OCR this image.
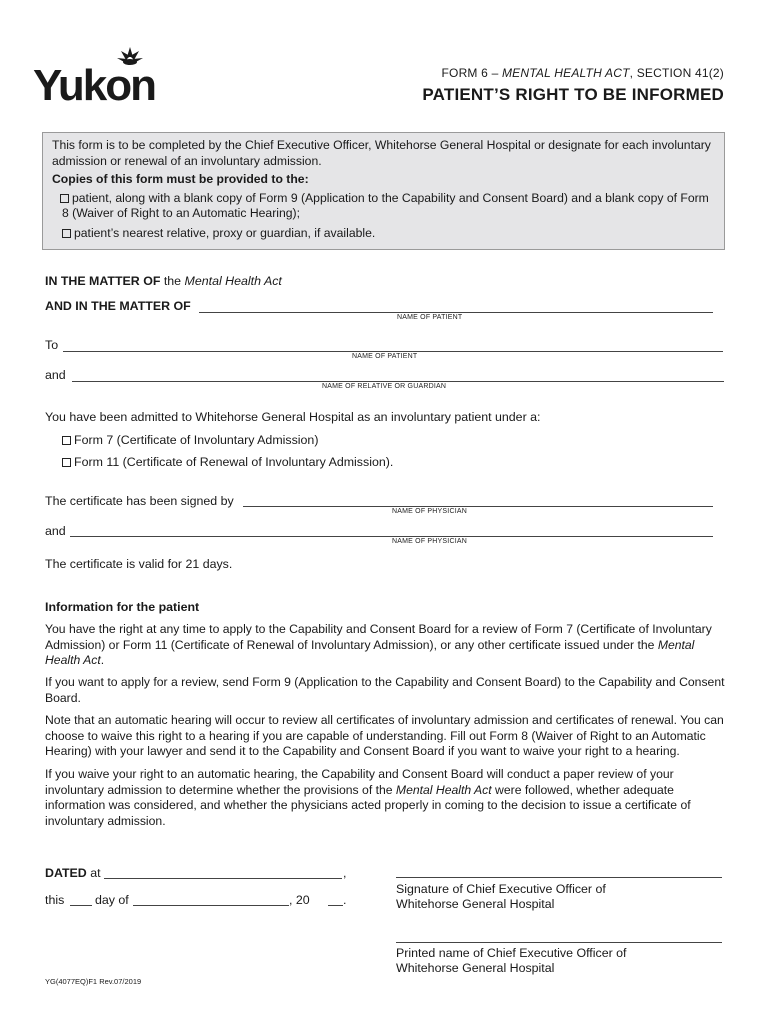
Yukon	FORM 6 – MENTAL HEALTH ACT, SECTION 41(2)
PATIENT’S RIGHT TO BE INFORMED
This form is to be completed by the Chief Executive Officer, Whitehorse General Hospital or designate for each involuntary admission or renewal of an involuntary admission.
Copies of this form must be provided to the:
patient, along with a blank copy of Form 9 (Application to the Capability and Consent Board) and a blank copy of Form 8 (Waiver of Right to an Automatic Hearing);
patient’s nearest relative, proxy or guardian, if available.
IN THE MATTER OF the Mental Health Act
AND IN THE MATTER OF
NAME OF PATIENT
To
NAME OF PATIENT
and
NAME OF RELATIVE OR GUARDIAN
You have been admitted to Whitehorse General Hospital as an involuntary patient under a:
Form 7 (Certificate of Involuntary Admission)
Form 11 (Certificate of Renewal of Involuntary Admission).
The certificate has been signed by
NAME OF PHYSICIAN
and
NAME OF PHYSICIAN
The certificate is valid for 21 days.
Information for the patient
You have the right at any time to apply to the Capability and Consent Board for a review of Form 7 (Certificate of Involuntary Admission) or Form 11 (Certificate of Renewal of Involuntary Admission), or any other certificate issued under the Mental Health Act.
If you want to apply for a review, send Form 9 (Application to the Capability and Consent Board) to the Capability and Consent Board.
Note that an automatic hearing will occur to review all certificates of involuntary admission and certificates of renewal. You can choose to waive this right to a hearing if you are capable of understanding. Fill out Form 8 (Waiver of Right to an Automatic Hearing) with your lawyer and send it to the Capability and Consent Board if you want to waive your right to a hearing.
If you waive your right to an automatic hearing, the Capability and Consent Board will conduct a paper review of your involuntary admission to determine whether the provisions of the Mental Health Act were followed, whether adequate information was considered, and whether the physicians acted properly in coming to the decision to issue a certificate of involuntary admission.
DATED at	,
this day of	, 20	.
Signature of Chief Executive Officer of
Whitehorse General Hospital
Printed name of Chief Executive Officer of
Whitehorse General Hospital
YG(4077EQ)F1 Rev.07/2019
